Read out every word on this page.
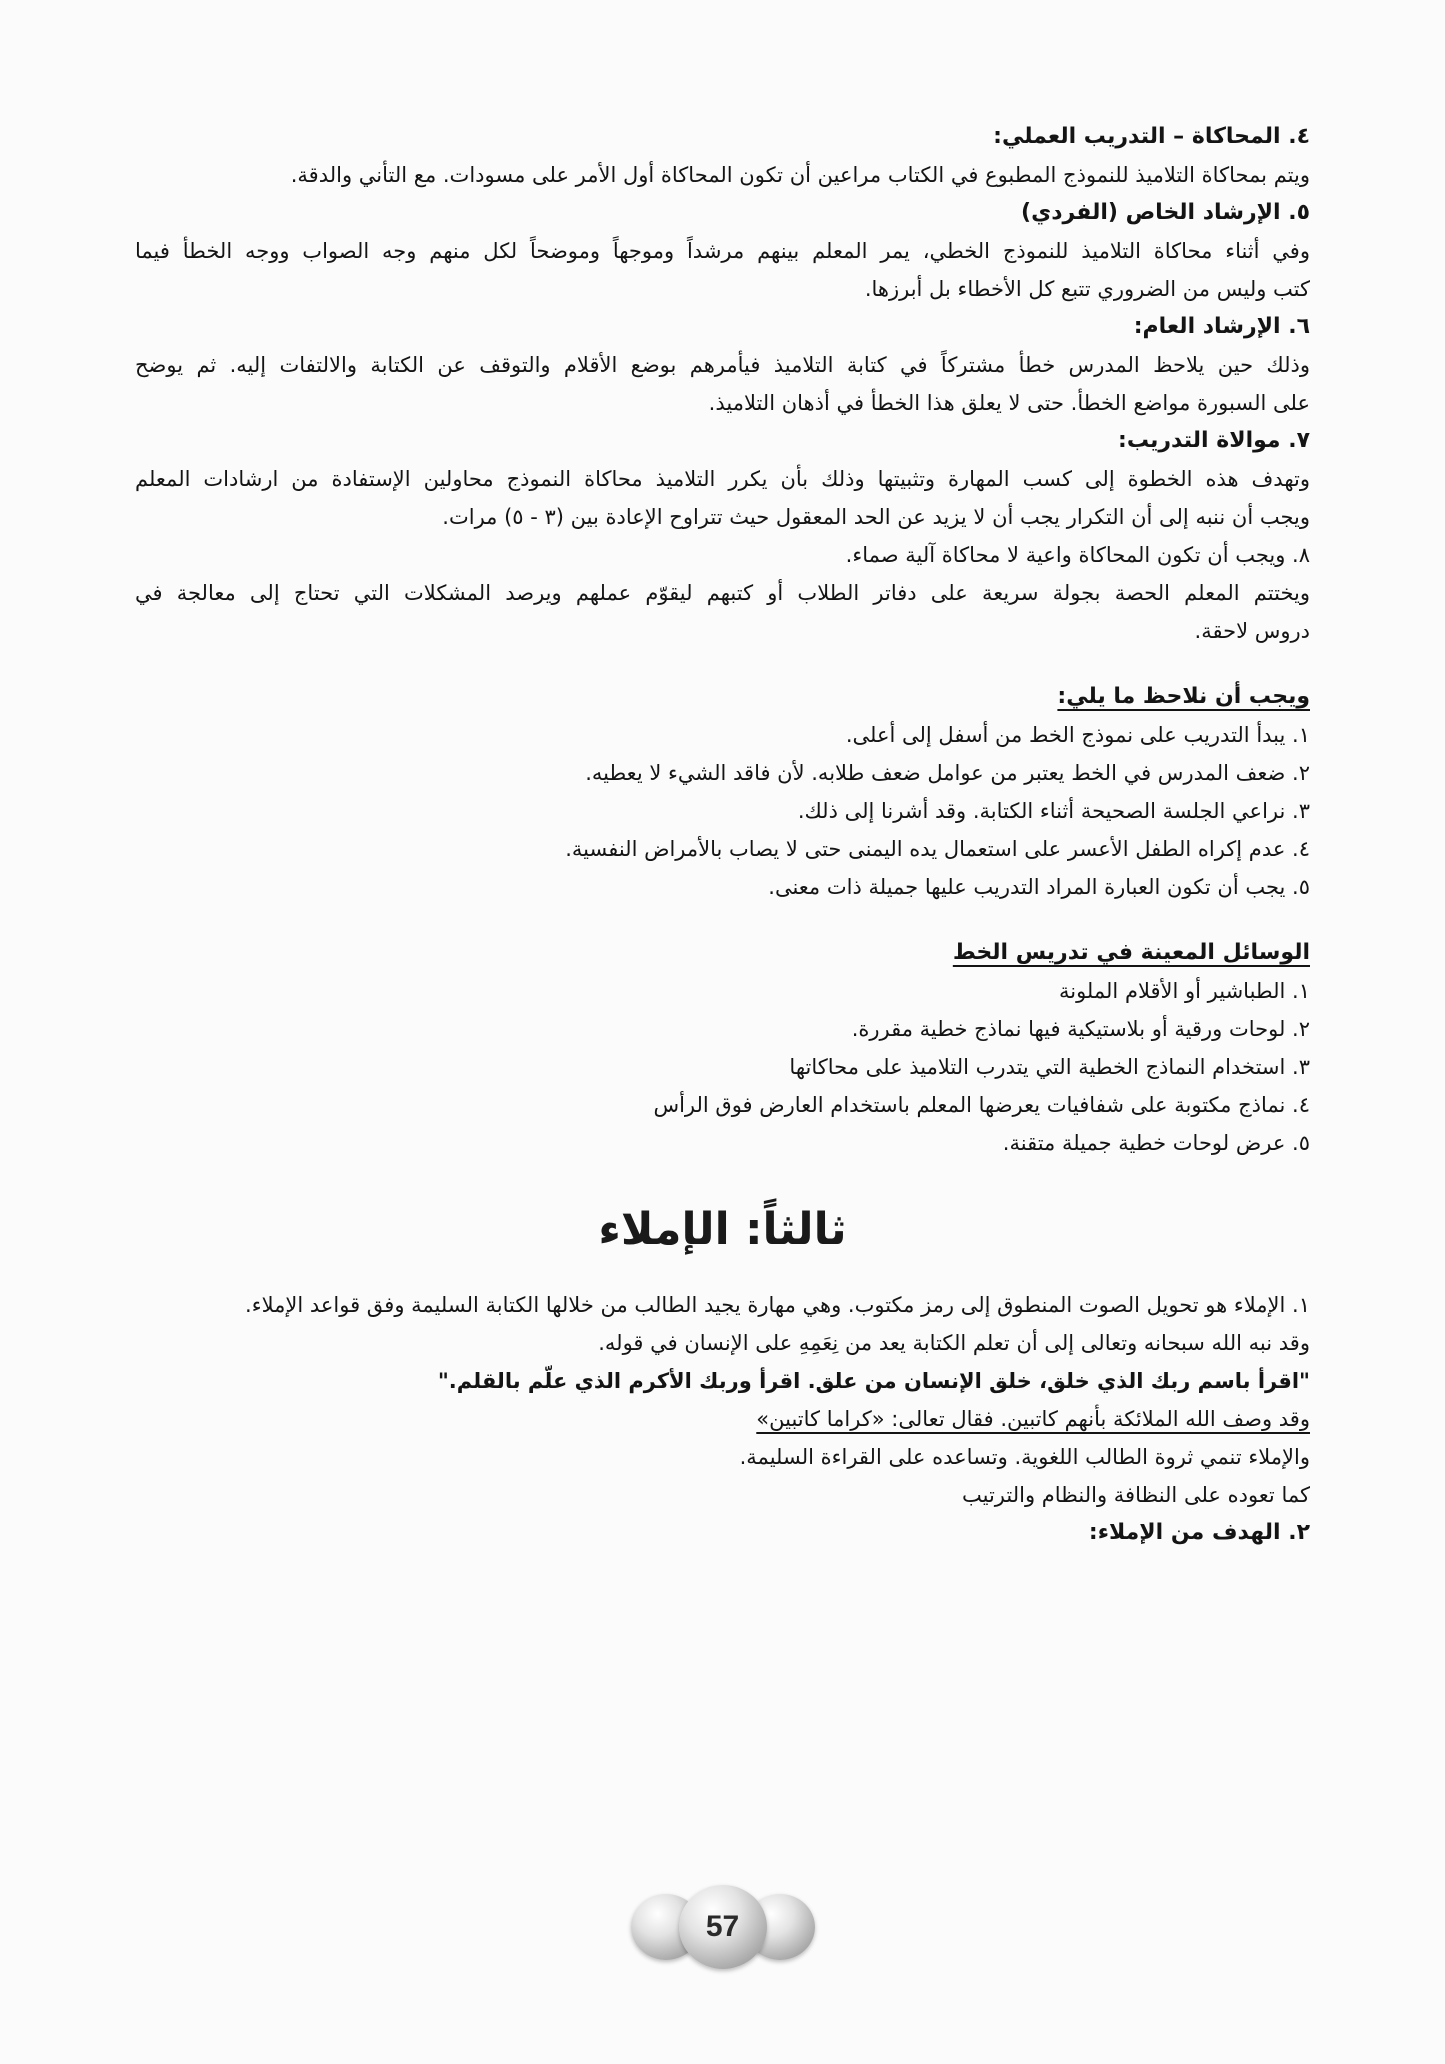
٤. المحاكاة – التدريب العملي:
ويتم بمحاكاة التلاميذ للنموذج المطبوع في الكتاب مراعين أن تكون المحاكاة أول الأمر على مسودات. مع التأني والدقة.
٥. الإرشاد الخاص (الفردي)
وفي أثناء محاكاة التلاميذ للنموذج الخطي، يمر المعلم بينهم مرشداً وموجهاً وموضحاً لكل منهم وجه الصواب ووجه الخطأ فيما
كتب وليس من الضروري تتبع كل الأخطاء بل أبرزها.
٦. الإرشاد العام:
وذلك حين يلاحظ المدرس خطأ مشتركاً في كتابة التلاميذ فيأمرهم بوضع الأقلام والتوقف عن الكتابة والالتفات إليه. ثم يوضح
على السبورة مواضع الخطأ. حتى لا يعلق هذا الخطأ في أذهان التلاميذ.
٧. موالاة التدريب:
وتهدف هذه الخطوة إلى كسب المهارة وتثبيتها وذلك بأن يكرر التلاميذ محاكاة النموذج محاولين الإستفادة من ارشادات المعلم
ويجب أن ننبه إلى أن التكرار يجب أن لا يزيد عن الحد المعقول حيث تتراوح الإعادة بين (٣ - ٥) مرات.
٨. ويجب أن تكون المحاكاة واعية لا محاكاة آلية صماء.
ويختتم المعلم الحصة بجولة سريعة على دفاتر الطلاب أو كتبهم ليقوّم عملهم ويرصد المشكلات التي تحتاج إلى معالجة في
دروس لاحقة.
ويجب أن نلاحظ ما يلي:
١. يبدأ التدريب على نموذج الخط من أسفل إلى أعلى.
٢. ضعف المدرس في الخط يعتبر من عوامل ضعف طلابه. لأن فاقد الشيء لا يعطيه.
٣. نراعي الجلسة الصحيحة أثناء الكتابة. وقد أشرنا إلى ذلك.
٤. عدم إكراه الطفل الأعسر على استعمال يده اليمنى حتى لا يصاب بالأمراض النفسية.
٥. يجب أن تكون العبارة المراد التدريب عليها جميلة ذات معنى.
الوسائل المعينة في تدريس الخط
١. الطباشير أو الأقلام الملونة
٢. لوحات ورقية أو بلاستيكية فيها نماذج خطية مقررة.
٣. استخدام النماذج الخطية التي يتدرب التلاميذ على محاكاتها
٤. نماذج مكتوبة على شفافيات يعرضها المعلم باستخدام العارض فوق الرأس
٥. عرض لوحات خطية جميلة متقنة.
ثالثاً: الإملاء
١. الإملاء هو تحويل الصوت المنطوق إلى رمز مكتوب. وهي مهارة يجيد الطالب من خلالها الكتابة السليمة وفق قواعد الإملاء.
وقد نبه الله سبحانه وتعالى إلى أن تعلم الكتابة يعد من نِعَمِهِ على الإنسان في قوله.
"اقرأ باسم ربك الذي خلق، خلق الإنسان من علق. اقرأ وربك الأكرم الذي علّم بالقلم."
وقد وصف الله الملائكة بأنهم كاتبين. فقال تعالى: «كراما كاتبين»
والإملاء تنمي ثروة الطالب اللغوية. وتساعده على القراءة السليمة.
كما تعوده على النظافة والنظام والترتيب
٢. الهدف من الإملاء:
57
